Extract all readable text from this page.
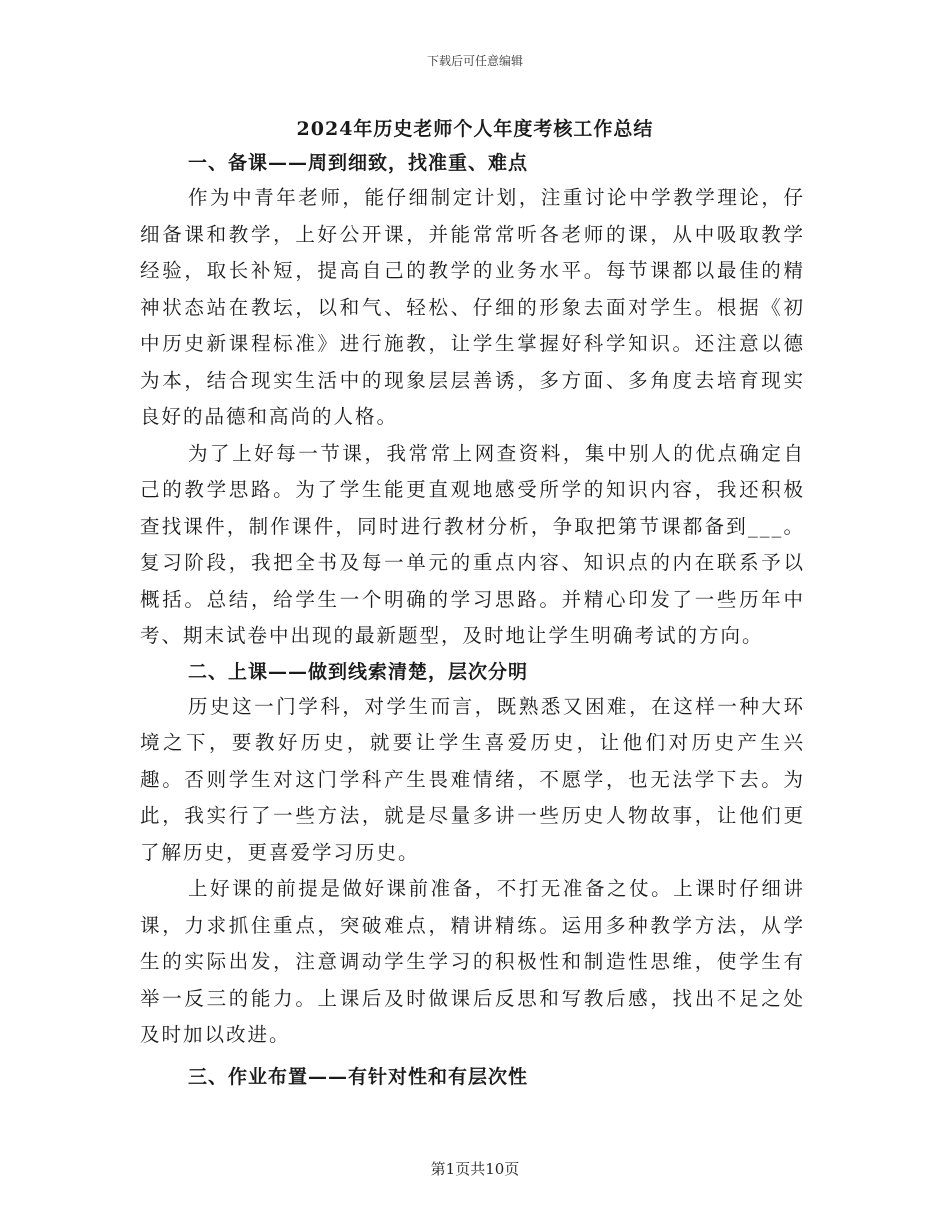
下载后可任意编辑
2024年历史老师个人年度考核工作总结
一、备课——周到细致，找准重、难点

作为中青年老师，能仔细制定计划，注重讨论中学教学理论，仔细备课和教学，上好公开课，并能常常听各老师的课，从中吸取教学经验，取长补短，提高自己的教学的业务水平。每节课都以最佳的精神状态站在教坛，以和气、轻松、仔细的形象去面对学生。根据《初中历史新课程标准》进行施教，让学生掌握好科学知识。还注意以德为本，结合现实生活中的现象层层善诱，多方面、多角度去培育现实良好的品德和高尚的人格。

为了上好每一节课，我常常上网查资料，集中别人的优点确定自己的教学思路。为了学生能更直观地感受所学的知识内容，我还积极查找课件，制作课件，同时进行教材分析，争取把第节课都备到___。复习阶段，我把全书及每一单元的重点内容、知识点的内在联系予以概括。总结，给学生一个明确的学习思路。并精心印发了一些历年中考、期末试卷中出现的最新题型，及时地让学生明确考试的方向。

二、上课——做到线索清楚，层次分明

历史这一门学科，对学生而言，既熟悉又困难，在这样一种大环境之下，要教好历史，就要让学生喜爱历史，让他们对历史产生兴趣。否则学生对这门学科产生畏难情绪，不愿学，也无法学下去。为此，我实行了一些方法，就是尽量多讲一些历史人物故事，让他们更了解历史，更喜爱学习历史。

上好课的前提是做好课前准备，不打无准备之仗。上课时仔细讲课，力求抓住重点，突破难点，精讲精练。运用多种教学方法，从学生的实际出发，注意调动学生学习的积极性和制造性思维，使学生有举一反三的能力。上课后及时做课后反思和写教后感，找出不足之处及时加以改进。

三、作业布置——有针对性和有层次性
第1页共10页
